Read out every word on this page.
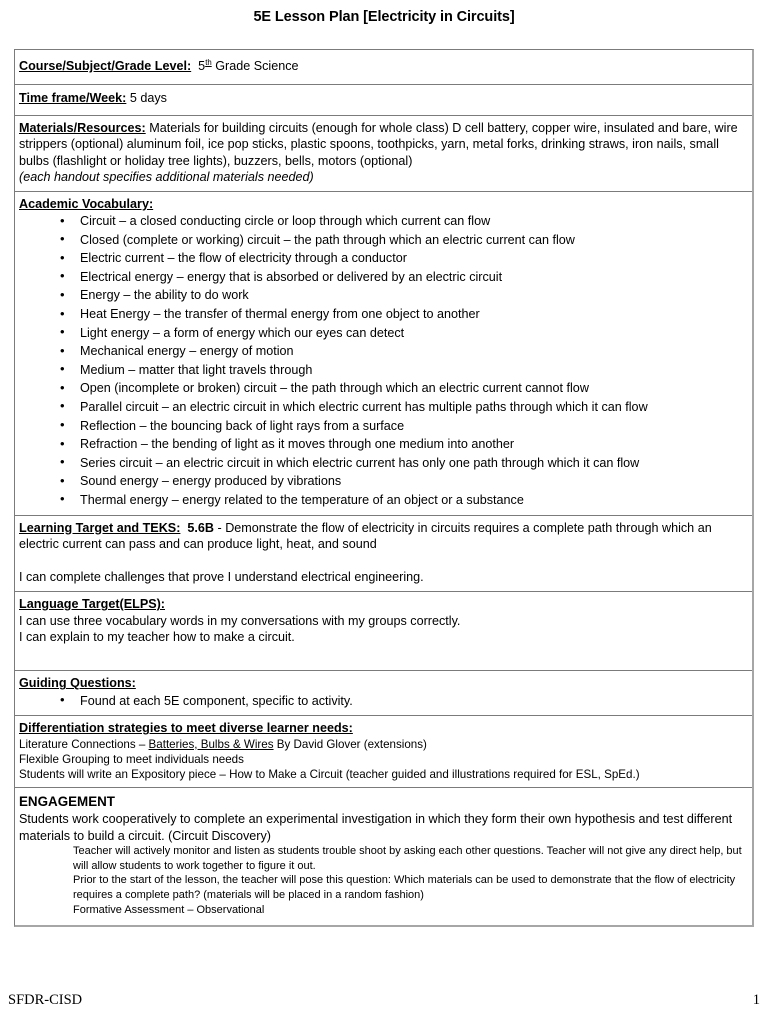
5E Lesson Plan [Electricity in Circuits]

Course/Subject/Grade Level: 5th Grade Science

Time frame/Week: 5 days

Materials/Resources: Materials for building circuits (enough for whole class) D cell battery, copper wire, insulated and bare, wire strippers (optional) aluminum foil, ice pop sticks, plastic spoons, toothpicks, yarn, metal forks, drinking straws, iron nails, small bulbs (flashlight or holiday tree lights), buzzers, bells, motors (optional)

(each handout specifies additional materials needed)

Academic Vocabulary:

• Circuit – a closed conducting circle or loop through which current can flow
• Closed (complete or working) circuit – the path through which an electric current can flow
• Electric current – the flow of electricity through a conductor
• Electrical energy – energy that is absorbed or delivered by an electric circuit
• Energy – the ability to do work
• Heat Energy – the transfer of thermal energy from one object to another
• Light energy – a form of energy which our eyes can detect
• Mechanical energy – energy of motion
• Medium – matter that light travels through
• Open (incomplete or broken) circuit – the path through which an electric current cannot flow
• Parallel circuit – an electric circuit in which electric current has multiple paths through which it can flow
• Reflection – the bouncing back of light rays from a surface
• Refraction – the bending of light as it moves through one medium into another
• Series circuit – an electric circuit in which electric current has only one path through which it can flow
• Sound energy – energy produced by vibrations
• Thermal energy – energy related to the temperature of an object or a substance

Learning Target and TEKS: 5.6B - Demonstrate the flow of electricity in circuits requires a complete path through which an electric current can pass and can produce light, heat, and sound

I can complete challenges that prove I understand electrical engineering.

Language Target(ELPS):

I can use three vocabulary words in my conversations with my groups correctly.

I can explain to my teacher how to make a circuit.

Guiding Questions:

• Found at each 5E component, specific to activity.

Differentiation strategies to meet diverse learner needs:

Literature Connections – Batteries, Bulbs & Wires By David Glover (extensions)

Flexible Grouping to meet individuals needs

Students will write an Expository piece – How to Make a Circuit (teacher guided and illustrations required for ESL, SpEd.)

ENGAGEMENT

Students work cooperatively to complete an experimental investigation in which they form their own hypothesis and test different materials to build a circuit. (Circuit Discovery)

Teacher will actively monitor and listen as students trouble shoot by asking each other questions. Teacher will not give any direct help, but will allow students to work together to figure it out.

Prior to the start of the lesson, the teacher will pose this question: Which materials can be used to demonstrate that the flow of electricity requires a complete path? (materials will be placed in a random fashion)

Formative Assessment – Observational

SFDR-CISD	1
